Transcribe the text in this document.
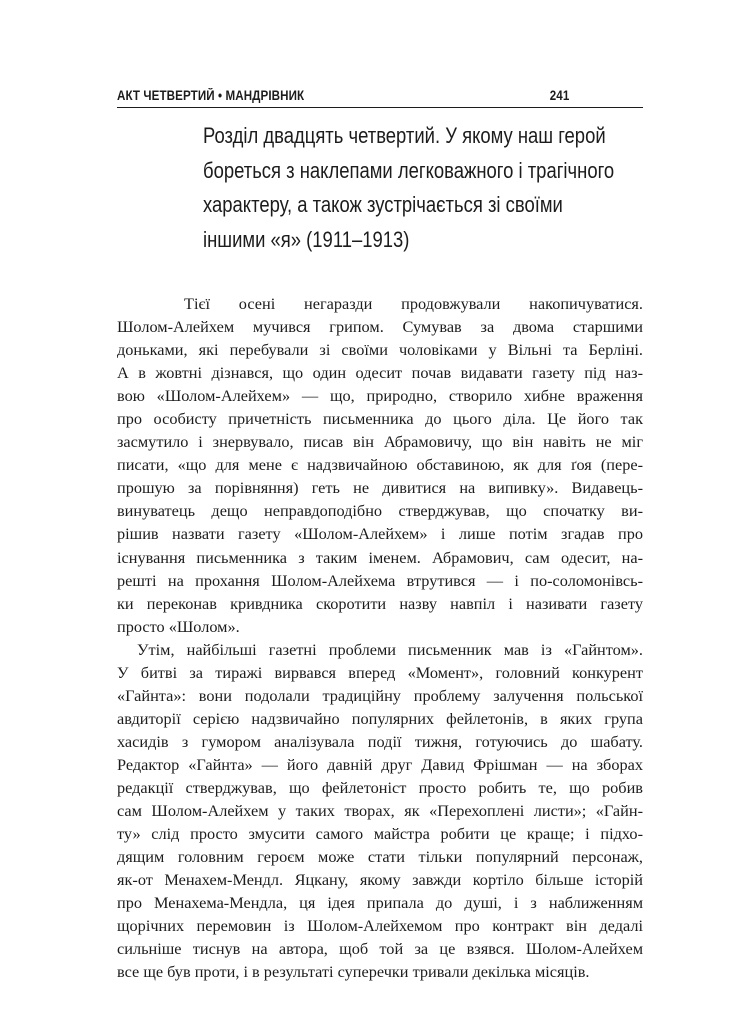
АКТ ЧЕТВЕРТИЙ • МАНДРІВНИК	241
Розділ двадцять четвертий. У якому наш герой
бореться з наклепами легковажного і трагічного
характеру, а також зустрічається зі своїми
іншими «я» (1911–1913)
Тієї осені негаразди продовжували накопичуватися.
Шолом-Алейхем мучився грипом. Сумував за двома старшими
доньками, які перебували зі своїми чоловіками у Вільні та Берліні.
А в жовтні дізнався, що один одесит почав видавати газету під наз-
вою «Шолом-Алейхем» — що, природно, створило хибне враження
про особисту причетність письменника до цього діла. Це його так
засмутило і знервувало, писав він Абрамовичу, що він навіть не міг
писати, «що для мене є надзвичайною обставиною, як для ґоя (пере-
прошую за порівняння) геть не дивитися на випивку». Видавець-
винуватець дещо неправдоподібно стверджував, що спочатку ви-
рішив назвати газету «Шолом-Алейхем» і лише потім згадав про
існування письменника з таким іменем. Абрамович, сам одесит, на-
решті на прохання Шолом-Алейхема втрутився — і по-соломонівсь-
ки переконав кривдника скоротити назву навпіл і називати газету
просто «Шолом».
Утім, найбільші газетні проблеми письменник мав із «Гайнтом».
У битві за тиражі вирвався вперед «Момент», головний конкурент
«Гайнта»: вони подолали традиційну проблему залучення польської
авдиторії серією надзвичайно популярних фейлетонів, в яких група
хасидів з гумором аналізувала події тижня, готуючись до шабату.
Редактор «Гайнта» — його давній друг Давид Фрішман — на зборах
редакції стверджував, що фейлетоніст просто робить те, що робив
сам Шолом-Алейхем у таких творах, як «Перехоплені листи»; «Гайн-
ту» слід просто змусити самого майстра робити це краще; і підхо-
дящим головним героєм може стати тільки популярний персонаж,
як-от Менахем-Мендл. Яцкану, якому завжди кортіло більше історій
про Менахема-Мендла, ця ідея припала до душі, і з наближенням
щорічних перемовин із Шолом-Алейхемом про контракт він дедалі
сильніше тиснув на автора, щоб той за це взявся. Шолом-Алейхем
все ще був проти, і в результаті суперечки тривали декілька місяців.
